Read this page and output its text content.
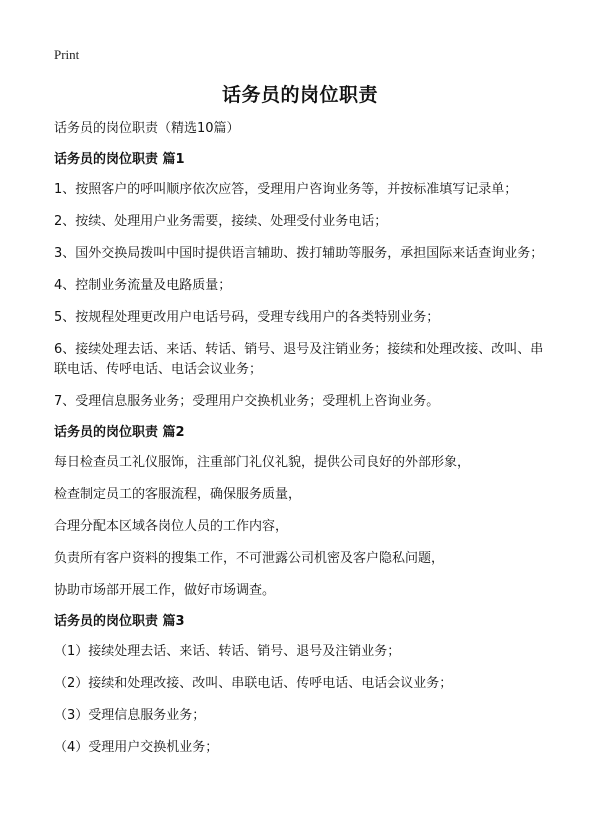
Print
话务员的岗位职责

话务员的岗位职责（精选10篇）

话务员的岗位职责 篇1

1、按照客户的呼叫顺序依次应答，受理用户咨询业务等，并按标准填写记录单；

2、按续、处理用户业务需要，接续、处理受付业务电话；

3、国外交换局拨叫中国时提供语言辅助、拨打辅助等服务，承担国际来话查询业务；

4、控制业务流量及电路质量；

5、按规程处理更改用户电话号码，受理专线用户的各类特别业务；

6、接续处理去话、来话、转话、销号、退号及注销业务；接续和处理改接、改叫、串联电话、传呼电话、电话会议业务；

7、受理信息服务业务；受理用户交换机业务；受理机上咨询业务。

话务员的岗位职责 篇2

每日检查员工礼仪服饰，注重部门礼仪礼貌，提供公司良好的外部形象，

检查制定员工的客服流程，确保服务质量，

合理分配本区域各岗位人员的工作内容，

负责所有客户资料的搜集工作，不可泄露公司机密及客户隐私问题，

协助市场部开展工作，做好市场调查。

话务员的岗位职责 篇3

（1）接续处理去话、来话、转话、销号、退号及注销业务；

（2）接续和处理改接、改叫、串联电话、传呼电话、电话会议业务；

（3）受理信息服务业务；

（4）受理用户交换机业务；
